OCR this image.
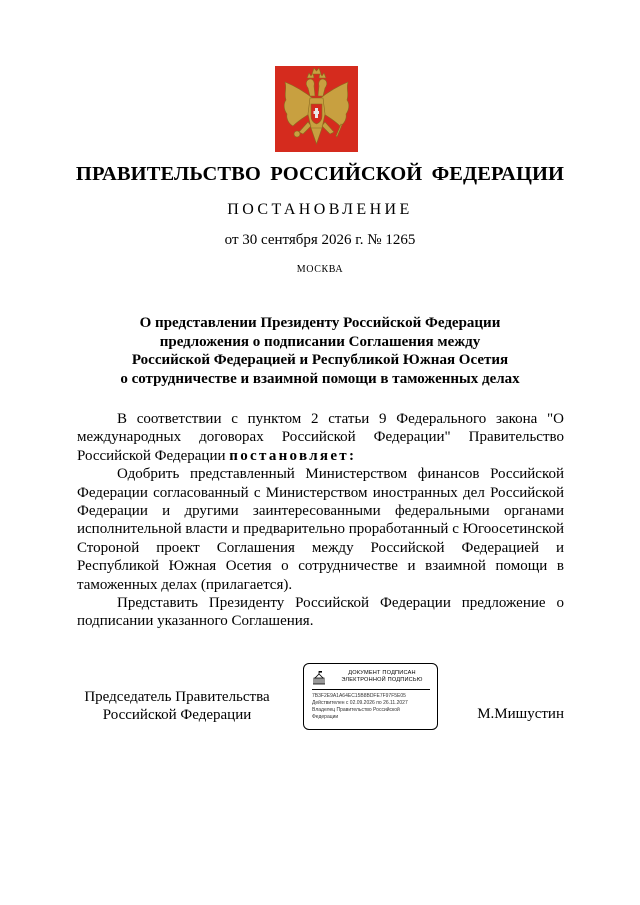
ПРАВИТЕЛЬСТВО РОССИЙСКОЙ ФЕДЕРАЦИИ
ПОСТАНОВЛЕНИЕ
от 30 сентября 2026 г. № 1265
МОСКВА
О представлении Президенту Российской Федерации
предложения о подписании Соглашения между
Российской Федерацией и Республикой Южная Осетия
о сотрудничестве и взаимной помощи в таможенных делах

В соответствии с пунктом 2 статьи 9 Федерального закона "О международных договорах Российской Федерации" Правительство Российской Федерации постановляет:

Одобрить представленный Министерством финансов Российской Федерации согласованный с Министерством иностранных дел Российской Федерации и другими заинтересованными федеральными органами исполнительной власти и предварительно проработанный с Югоосетинской Стороной проект Соглашения между Российской Федерацией и Республикой Южная Осетия о сотрудничестве и взаимной помощи в таможенных делах (прилагается).

Представить Президенту Российской Федерации предложение о подписании указанного Соглашения.

Председатель Правительства
Российской Федерации
ДОКУМЕНТ ПОДПИСАН
ЭЛЕКТРОННОЙ ПОДПИСЬЮ
7B3F2E9A1A64EC15B8BDFE7F97F5E05
Действителен с 02.09.2026 по 26.11.2027
Владелец Правительство Российской
Федерации	М.Мишустин
